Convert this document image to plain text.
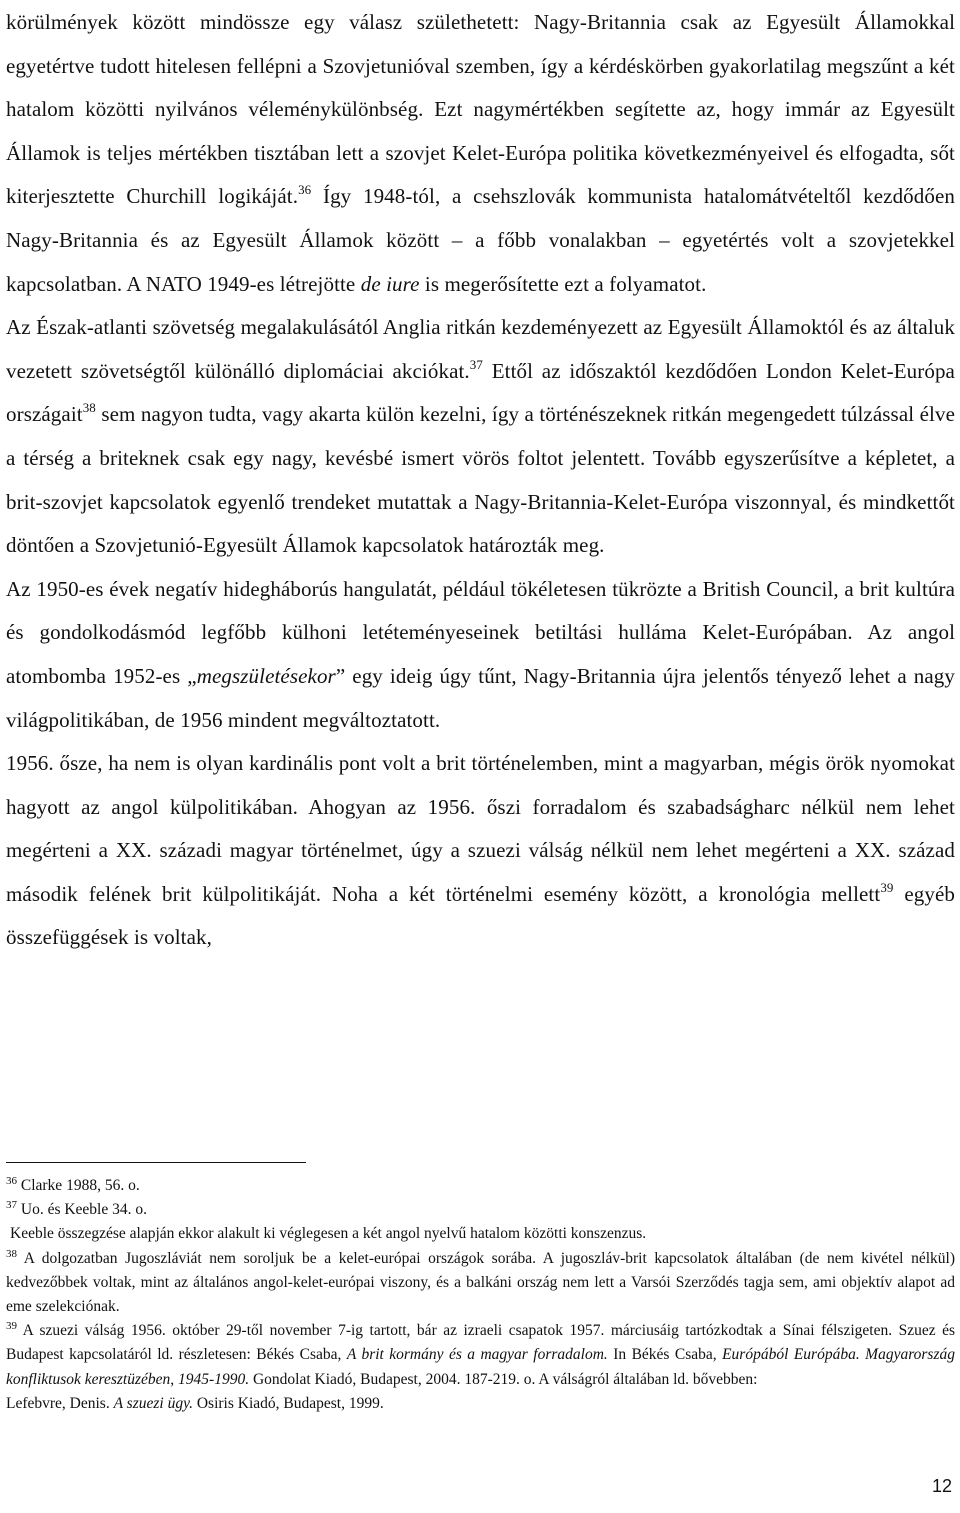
körülmények között mindössze egy válasz születhetett: Nagy-Britannia csak az Egyesült Államokkal egyetértve tudott hitelesen fellépni a Szovjetunióval szemben, így a kérdéskörben gyakorlatilag megszűnt a két hatalom közötti nyilvános véleménykülönbség. Ezt nagymértékben segítette az, hogy immár az Egyesült Államok is teljes mértékben tisztában lett a szovjet Kelet-Európa politika következményeivel és elfogadta, sőt kiterjesztette Churchill logikáját.$^{36}$ Így 1948-tól, a csehszlovák kommunista hatalomátvételtől kezdődően Nagy-Britannia és az Egyesült Államok között – a főbb vonalakban – egyetértés volt a szovjetekkel kapcsolatban. A NATO 1949-es létrejötte de iure is megerősítette ezt a folyamatot.

Az Észak-atlanti szövetség megalakulásától Anglia ritkán kezdeményezett az Egyesült Államoktól és az általuk vezetett szövetségtől különálló diplomáciai akciókat.$^{37}$ Ettől az időszaktól kezdődően London Kelet-Európa országait$^{38}$ sem nagyon tudta, vagy akarta külön kezelni, így a történészeknek ritkán megengedett túlzással élve a térség a briteknek csak egy nagy, kevésbé ismert vörös foltot jelentett. Tovább egyszerűsítve a képletet, a brit-szovjet kapcsolatok egyenlő trendeket mutattak a Nagy-Britannia-Kelet-Európa viszonnyal, és mindkettőt döntően a Szovjetunió-Egyesült Államok kapcsolatok határozták meg.

Az 1950-es évek negatív hidegháborús hangulatát, például tökéletesen tükrözte a British Council, a brit kultúra és gondolkodásmód legfőbb külhoni letéteményeseinek betiltási hulláma Kelet-Európában. Az angol atombomba 1952-es „megszületésekor” egy ideig úgy tűnt, Nagy-Britannia újra jelentős tényező lehet a nagy világpolitikában, de 1956 mindent megváltoztatott.

1956. ősze, ha nem is olyan kardinális pont volt a brit történelemben, mint a magyarban, mégis örök nyomokat hagyott az angol külpolitikában. Ahogyan az 1956. őszi forradalom és szabadságharc nélkül nem lehet megérteni a XX. századi magyar történelmet, úgy a szuezi válság nélkül nem lehet megérteni a XX. század második felének brit külpolitikáját. Noha a két történelmi esemény között, a kronológia mellett$^{39}$ egyéb összefüggések is voltak,

$^{36}$ Clarke 1988, 56. o.

$^{37}$ Uo. és Keeble 34. o.

Keeble összegzése alapján ekkor alakult ki véglegesen a két angol nyelvű hatalom közötti konszenzus.

$^{38}$ A dolgozatban Jugoszláviát nem soroljuk be a kelet-európai országok sorába. A jugoszláv-brit kapcsolatok általában (de nem kivétel nélkül) kedvezőbbek voltak, mint az általános angol-kelet-európai viszony, és a balkáni ország nem lett a Varsói Szerződés tagja sem, ami objektív alapot ad eme szelekciónak.

$^{39}$ A szuezi válság 1956. október 29-től november 7-ig tartott, bár az izraeli csapatok 1957. márciusáig tartózkodtak a Sínai félszigeten. Szuez és Budapest kapcsolatáról ld. részletesen: Békés Csaba, A brit kormány és a magyar forradalom. In Békés Csaba, Európából Európába. Magyarország konfliktusok keresztüzében, 1945-1990. Gondolat Kiadó, Budapest, 2004. 187-219. o. A válságról általában ld. bővebben:

Lefebvre, Denis. A szuezi ügy. Osiris Kiadó, Budapest, 1999.

12
